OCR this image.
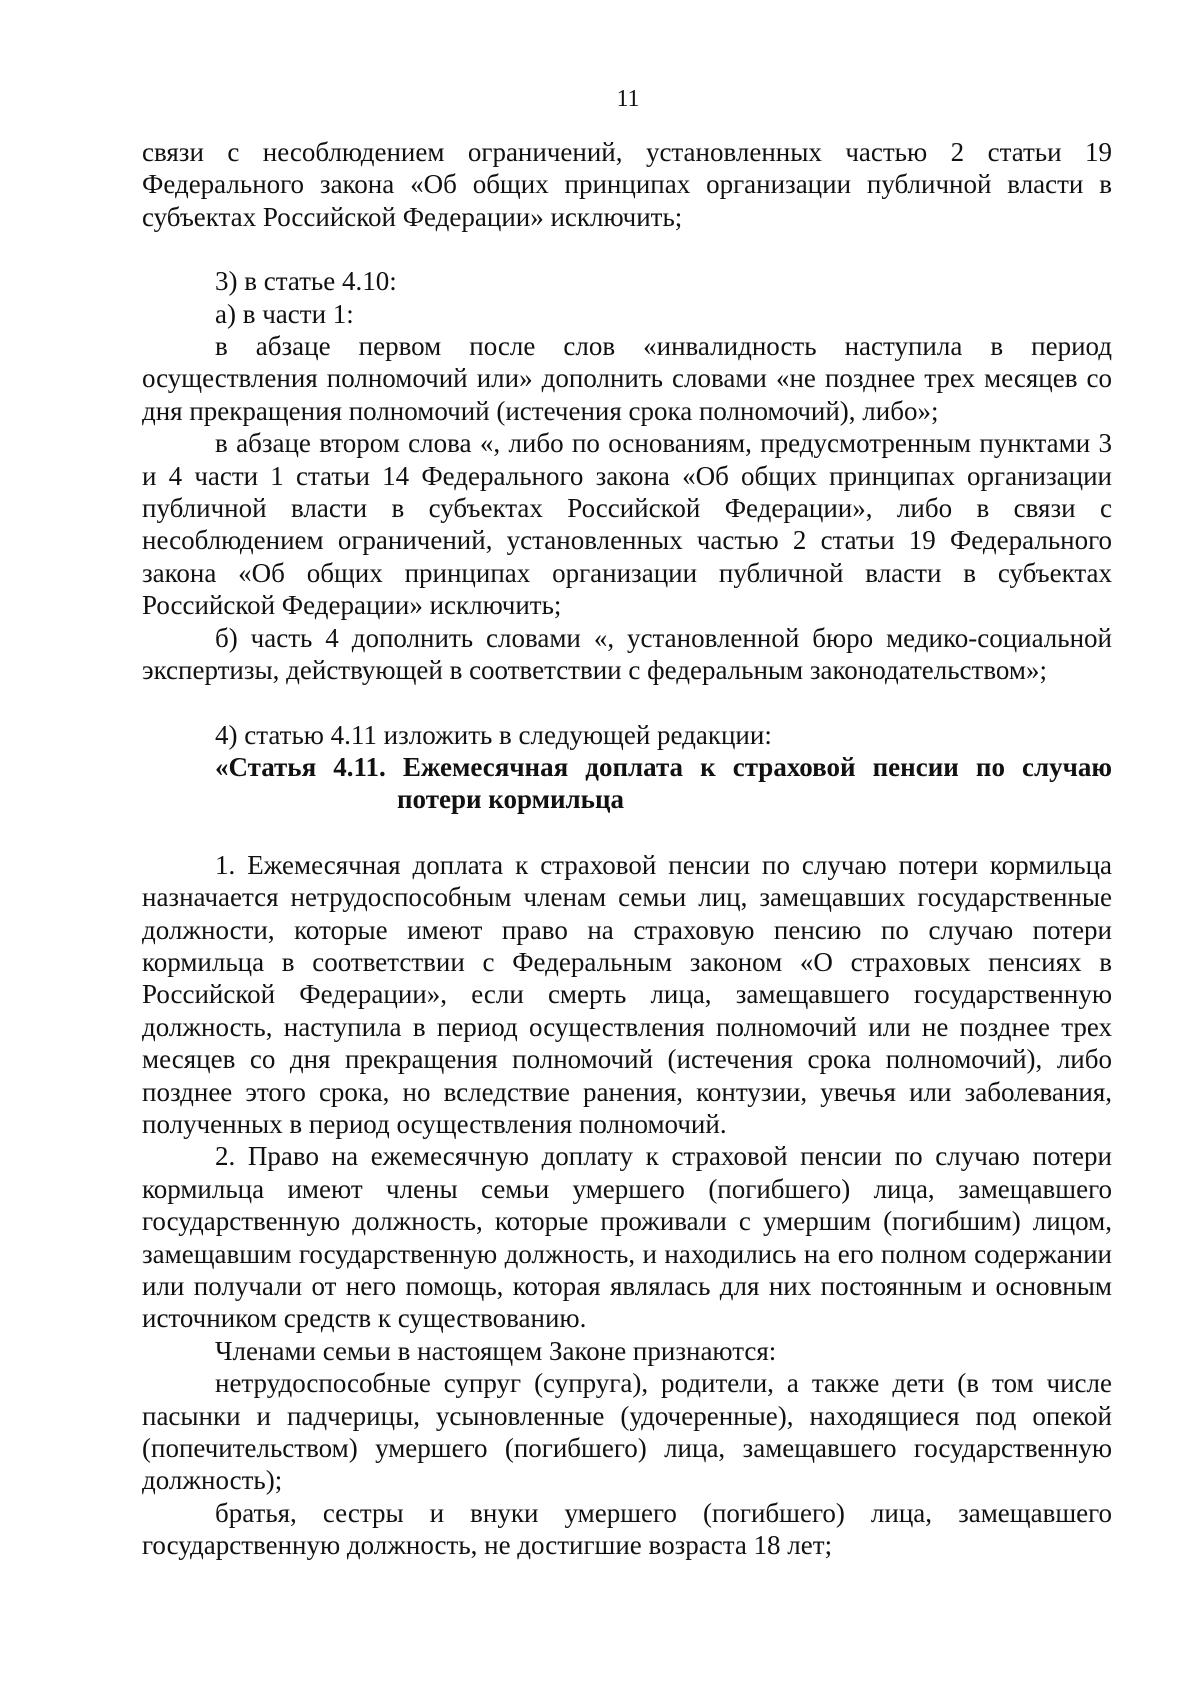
11

связи с несоблюдением ограничений, установленных частью 2 статьи 19 Федерального закона «Об общих принципах организации публичной власти в субъектах Российской Федерации» исключить;

3) в статье 4.10:

а) в части 1:

в абзаце первом после слов «инвалидность наступила в период осуществления полномочий или» дополнить словами «не позднее трех месяцев со дня прекращения полномочий (истечения срока полномочий), либо»;

в абзаце втором слова «, либо по основаниям, предусмотренным пунктами 3 и 4 части 1 статьи 14 Федерального закона «Об общих принципах организации публичной власти в субъектах Российской Федерации», либо в связи с несоблюдением ограничений, установленных частью 2 статьи 19 Федерального закона «Об общих принципах организации публичной власти в субъектах Российской Федерации» исключить;

б) часть 4 дополнить словами «, установленной бюро медико-социальной экспертизы, действующей в соответствии с федеральным законодательством»;

4) статью 4.11 изложить в следующей редакции:

«Статья 4.11. Ежемесячная доплата к страховой пенсии по случаю
потери кормильца

1. Ежемесячная доплата к страховой пенсии по случаю потери кормильца назначается нетрудоспособным членам семьи лиц, замещавших государственные должности, которые имеют право на страховую пенсию по случаю потери кормильца в соответствии с Федеральным законом «О страховых пенсиях в Российской Федерации», если смерть лица, замещавшего государственную должность, наступила в период осуществления полномочий или не позднее трех месяцев со дня прекращения полномочий (истечения срока полномочий), либо позднее этого срока, но вследствие ранения, контузии, увечья или заболевания, полученных в период осуществления полномочий.

2. Право на ежемесячную доплату к страховой пенсии по случаю потери кормильца имеют члены семьи умершего (погибшего) лица, замещавшего государственную должность, которые проживали с умершим (погибшим) лицом, замещавшим государственную должность, и находились на его полном содержании или получали от него помощь, которая являлась для них постоянным и основным источником средств к существованию.

Членами семьи в настоящем Законе признаются:

нетрудоспособные супруг (супруга), родители, а также дети (в том числе пасынки и падчерицы, усыновленные (удочеренные), находящиеся под опекой (попечительством) умершего (погибшего) лица, замещавшего государственную должность);

братья, сестры и внуки умершего (погибшего) лица, замещавшего государственную должность, не достигшие возраста 18 лет;
